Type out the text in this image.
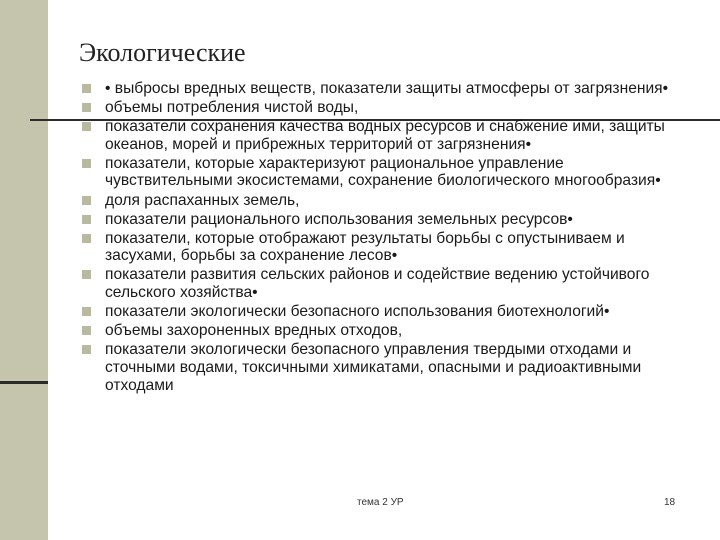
Экологические
• выбросы вредных веществ, показатели защиты атмосферы от загрязнения•
объемы потребления чистой воды,
показатели сохранения качества водных ресурсов и снабжение ими, защиты океанов, морей и прибрежных территорий от загрязнения•
показатели, которые характеризуют рациональное управление чувствительными экосистемами, сохранение биологического многообразия•
доля распаханных земель,
показатели рационального использования земельных ресурсов•
показатели, которые отображают результаты борьбы с опустыниваем и засухами, борьбы за сохранение лесов•
показатели развития сельских районов и содействие ведению устойчивого сельского хозяйства•
показатели экологически безопасного использования биотехнологий•
объемы захороненных вредных отходов,
показатели экологически безопасного управления твердыми отходами и сточными водами, токсичными химикатами, опасными и радиоактивными отходами
тема 2 УР	18
